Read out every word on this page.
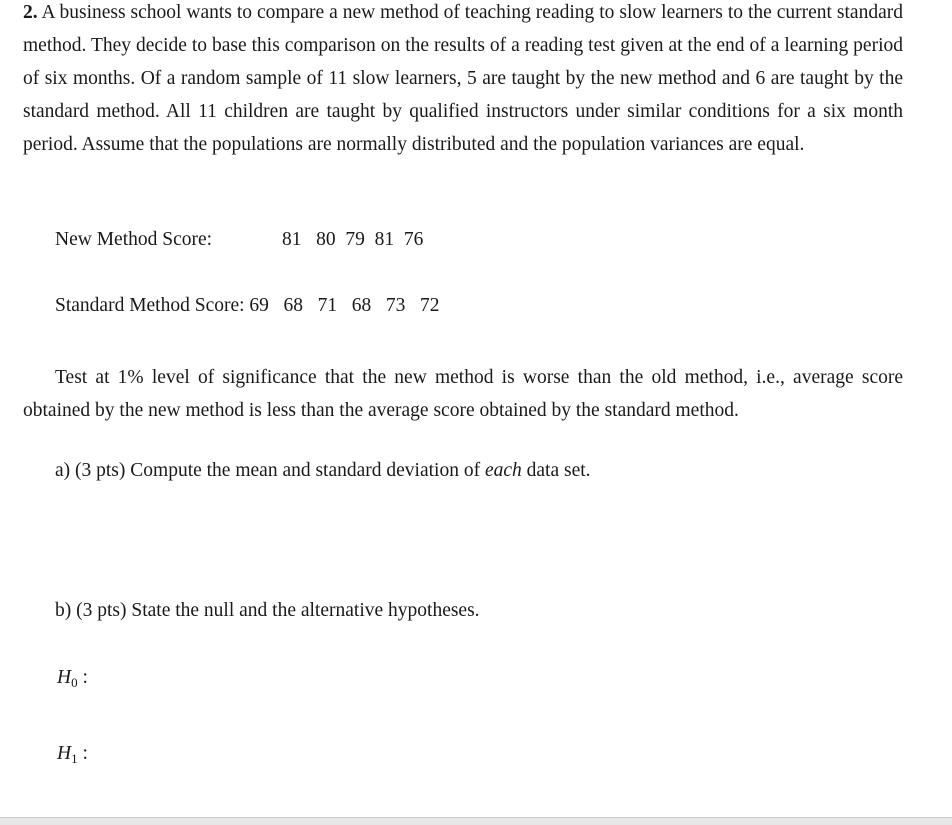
2. A business school wants to compare a new method of teaching reading to slow learners to the current standard method. They decide to base this comparison on the results of a reading test given at the end of a learning period of six months. Of a random sample of 11 slow learners, 5 are taught by the new method and 6 are taught by the standard method. All 11 children are taught by qualified instructors under similar conditions for a six month period. Assume that the populations are normally distributed and the population variances are equal.
New Method Score:	81   80  79  81  76
Standard Method Score: 69   68   71   68   73   72
Test at 1% level of significance that the new method is worse than the old method, i.e., average score obtained by the new method is less than the average score obtained by the standard method.
a) (3 pts) Compute the mean and standard deviation of each data set.
b) (3 pts) State the null and the alternative hypotheses.
$H_0$ :
$H_1$ :
